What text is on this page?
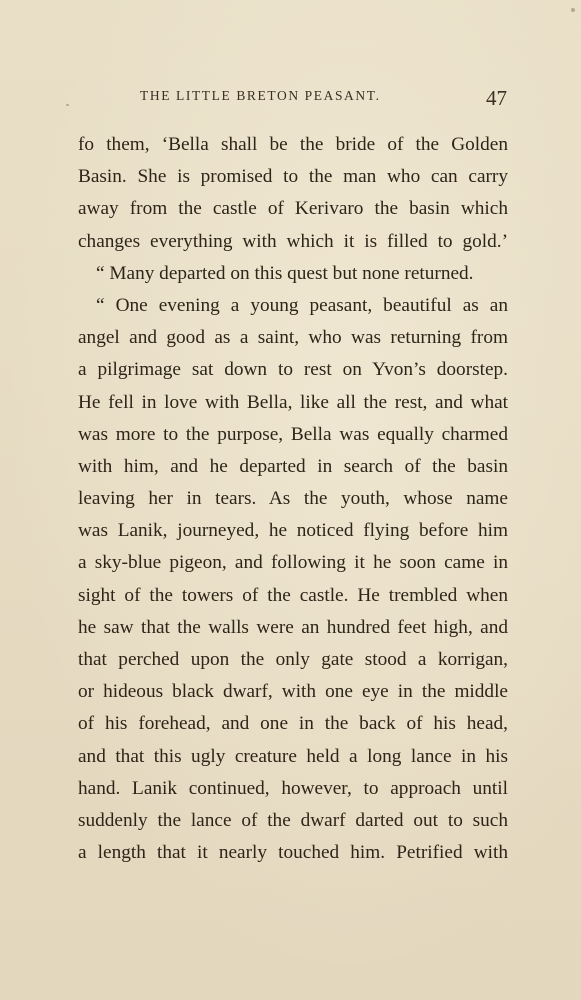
THE LITTLE BRETON PEASANT.	47
fo them, ‘Bella shall be the bride of the Golden
Basin. She is promised to the man who can carry
away from the castle of Kerivaro the basin which
changes everything with which it is filled to gold.’
“ Many departed on this quest but none returned.
“ One evening a young peasant, beautiful as an
angel and good as a saint, who was returning from
a pilgrimage sat down to rest on Yvon’s doorstep.
He fell in love with Bella, like all the rest, and what
was more to the purpose, Bella was equally charmed
with him, and he departed in search of the basin
leaving her in tears. As the youth, whose name
was Lanik, journeyed, he noticed flying before him
a sky-blue pigeon, and following it he soon came in
sight of the towers of the castle. He trembled when
he saw that the walls were an hundred feet high, and
that perched upon the only gate stood a korrigan,
or hideous black dwarf, with one eye in the middle
of his forehead, and one in the back of his head,
and that this ugly creature held a long lance in his
hand. Lanik continued, however, to approach until
suddenly the lance of the dwarf darted out to such
a length that it nearly touched him. Petrified with
